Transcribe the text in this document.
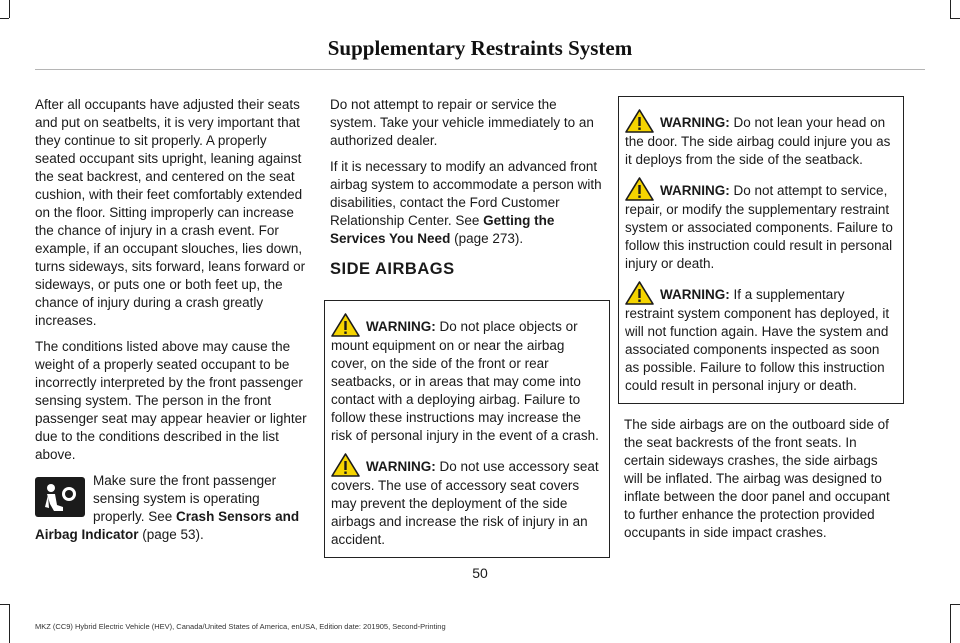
Supplementary Restraints System

After all occupants have adjusted their seats and put on seatbelts, it is very important that they continue to sit properly. A properly seated occupant sits upright, leaning against the seat backrest, and centered on the seat cushion, with their feet comfortably extended on the floor. Sitting improperly can increase the chance of injury in a crash event. For example, if an occupant slouches, lies down, turns sideways, sits forward, leans forward or sideways, or puts one or both feet up, the chance of injury during a crash greatly increases.

The conditions listed above may cause the weight of a properly seated occupant to be incorrectly interpreted by the front passenger sensing system. The person in the front passenger seat may appear heavier or lighter due to the conditions described in the list above.

Make sure the front passenger sensing system is operating properly. See Crash Sensors and Airbag Indicator (page 53).

Do not attempt to repair or service the system. Take your vehicle immediately to an authorized dealer.

If it is necessary to modify an advanced front airbag system to accommodate a person with disabilities, contact the Ford Customer Relationship Center. See Getting the Services You Need (page 273).

SIDE AIRBAGS

WARNING: Do not place objects or mount equipment on or near the airbag cover, on the side of the front or rear seatbacks, or in areas that may come into contact with a deploying airbag. Failure to follow these instructions may increase the risk of personal injury in the event of a crash.

WARNING: Do not use accessory seat covers. The use of accessory seat covers may prevent the deployment of the side airbags and increase the risk of injury in an accident.

WARNING: Do not lean your head on the door. The side airbag could injure you as it deploys from the side of the seatback.

WARNING: Do not attempt to service, repair, or modify the supplementary restraint system or associated components. Failure to follow this instruction could result in personal injury or death.

WARNING: If a supplementary restraint system component has deployed, it will not function again. Have the system and associated components inspected as soon as possible. Failure to follow this instruction could result in personal injury or death.

The side airbags are on the outboard side of the seat backrests of the front seats. In certain sideways crashes, the side airbags will be inflated. The airbag was designed to inflate between the door panel and occupant to further enhance the protection provided occupants in side impact crashes.

50
MKZ (CC9) Hybrid Electric Vehicle (HEV), Canada/United States of America, enUSA, Edition date: 201905, Second-Printing
